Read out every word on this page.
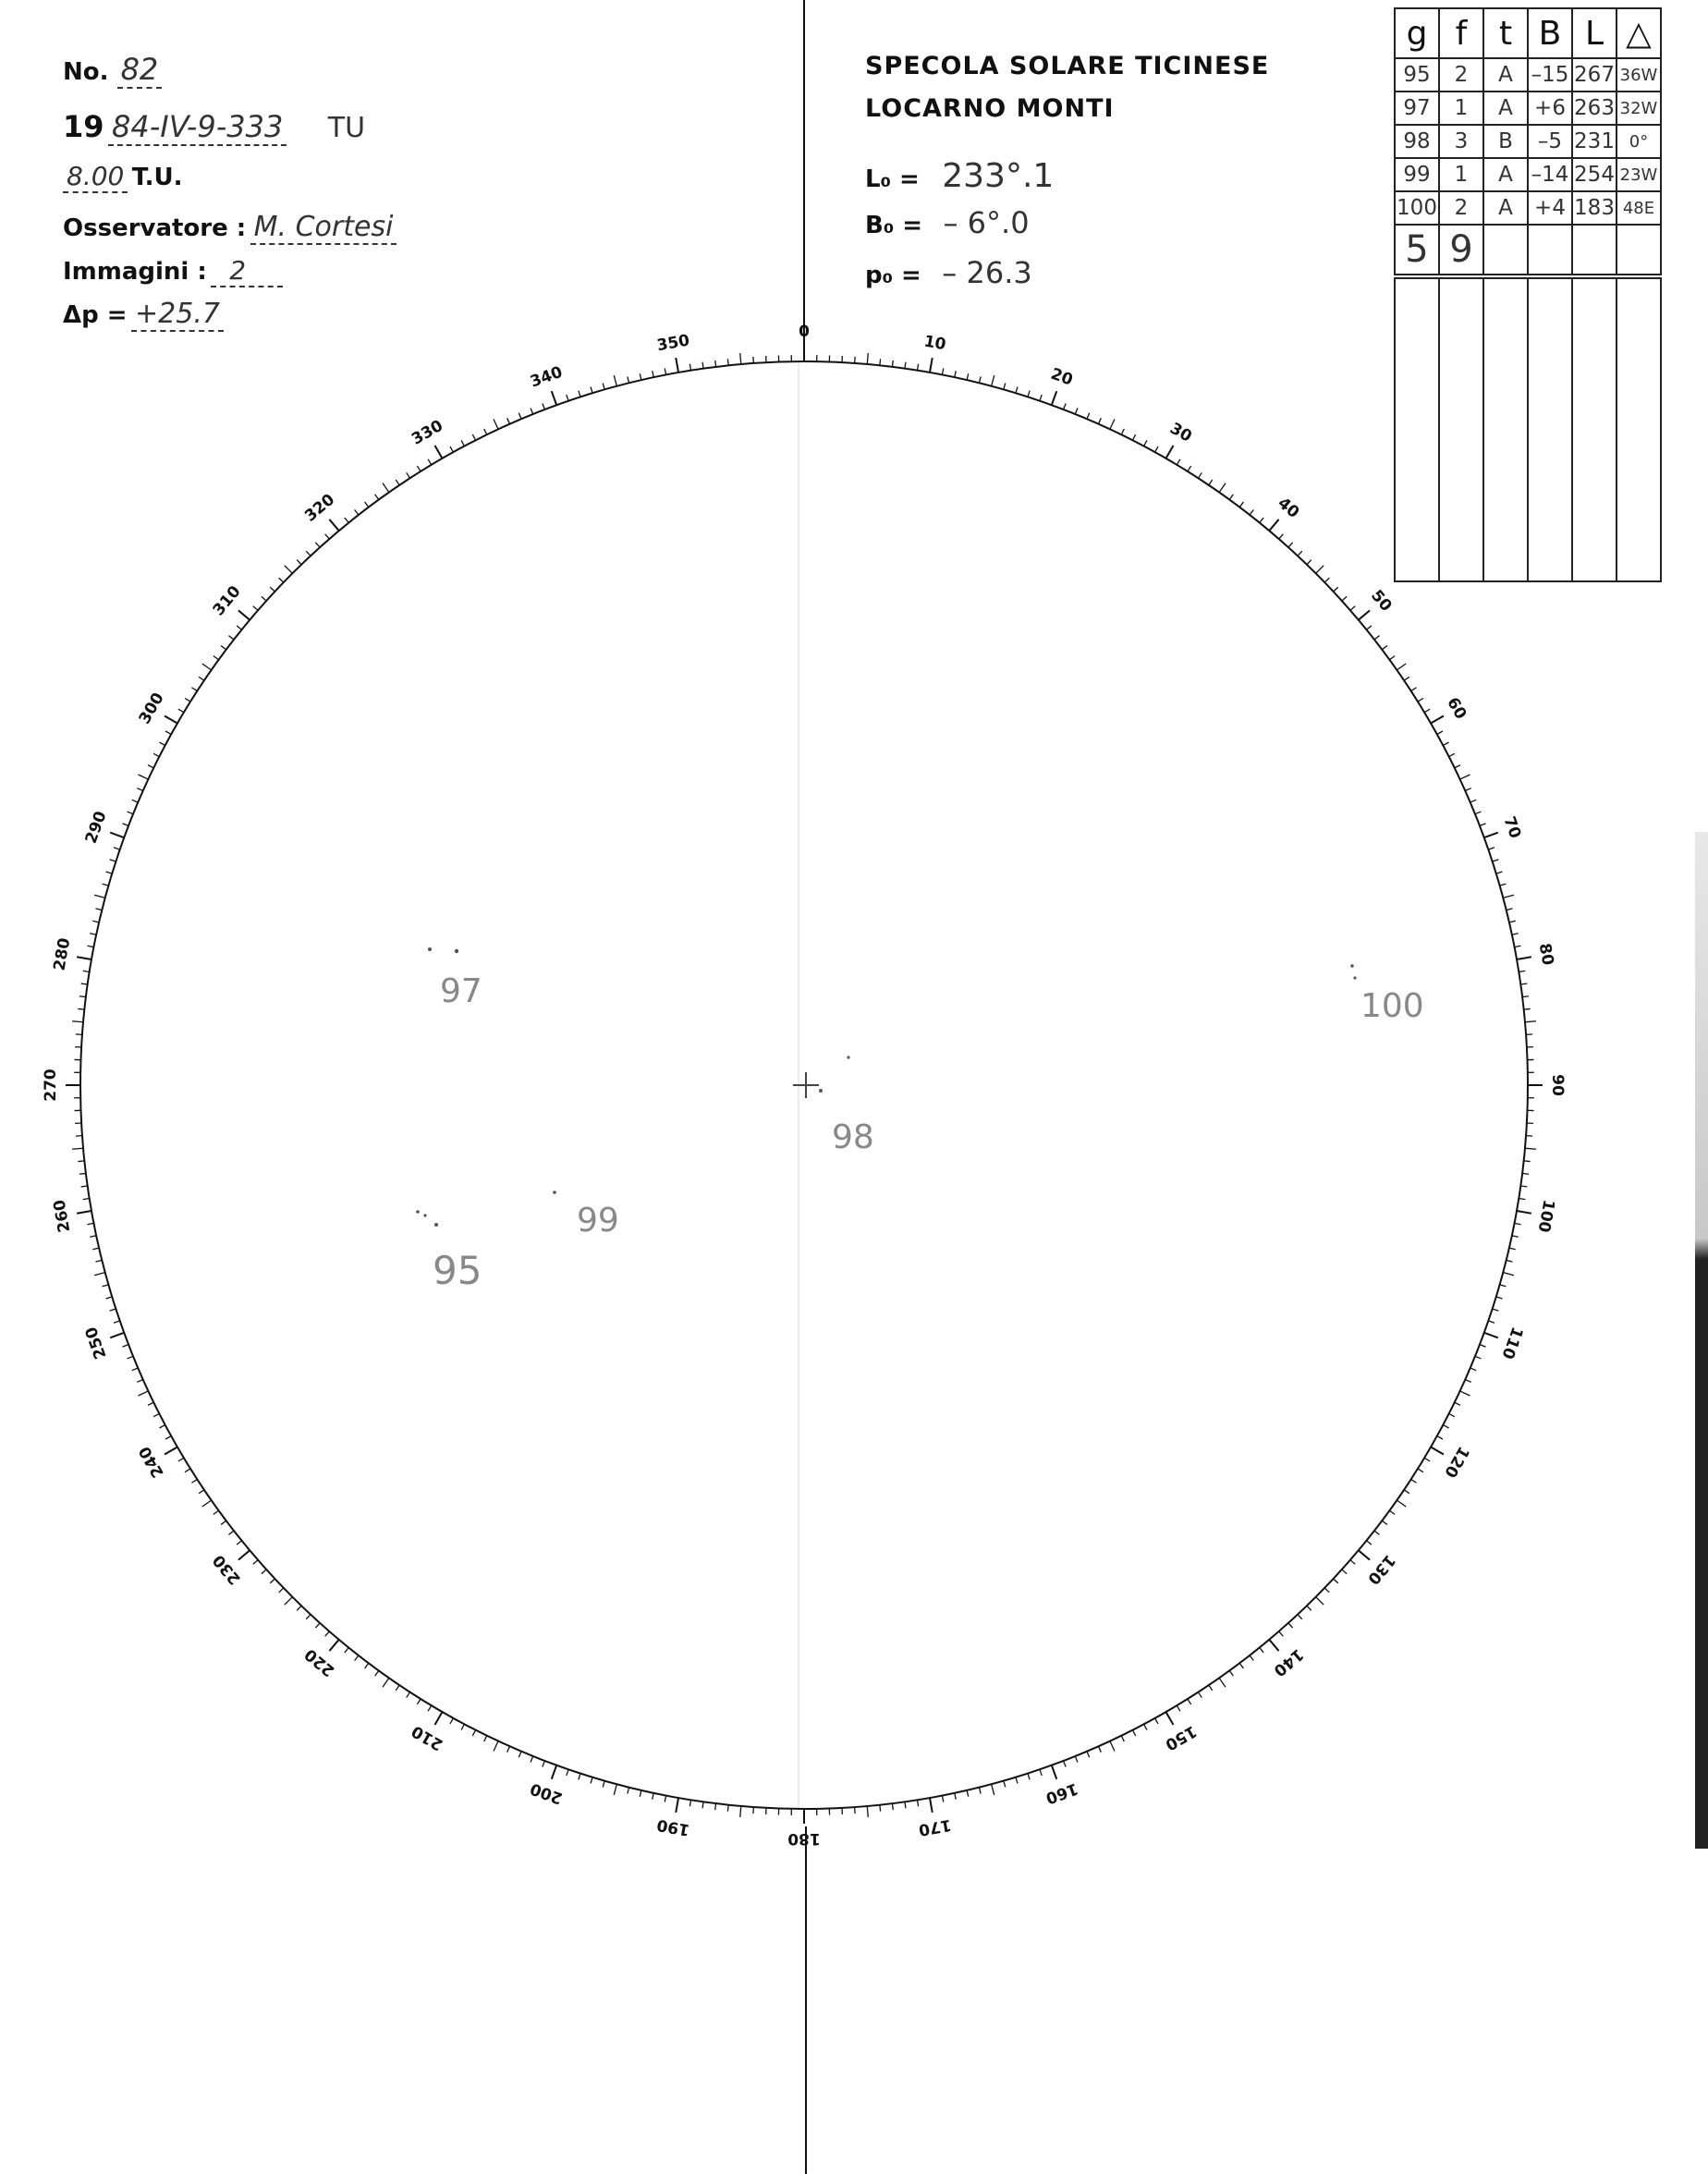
No. 82
19 84-IV-9-333 TU
8.00 T.U.
Osservatore : M. Cortesi
Immagini : 2
Δp = +25.7
SPECOLA SOLARE TICINESE
LOCARNO MONTI
L₀ = 233°.1
B₀ = – 6°.0
p₀ = – 26.3
g	f	t	B	L	△
95	2	A	–15	267	36W
97	1	A	+6	263	32W
98	3	B	–5	231	0°
99	1	A	–14	254	23W
100	2	A	+4	183	48E
5	9				

0
10
20
30
40
50
60
70
80
90
100
110
120
130
140
150
160
170
180
190
200
210
220
230
240
250
260
270
280
290
300
310
320
330
340
350
97	100
98
99
95
